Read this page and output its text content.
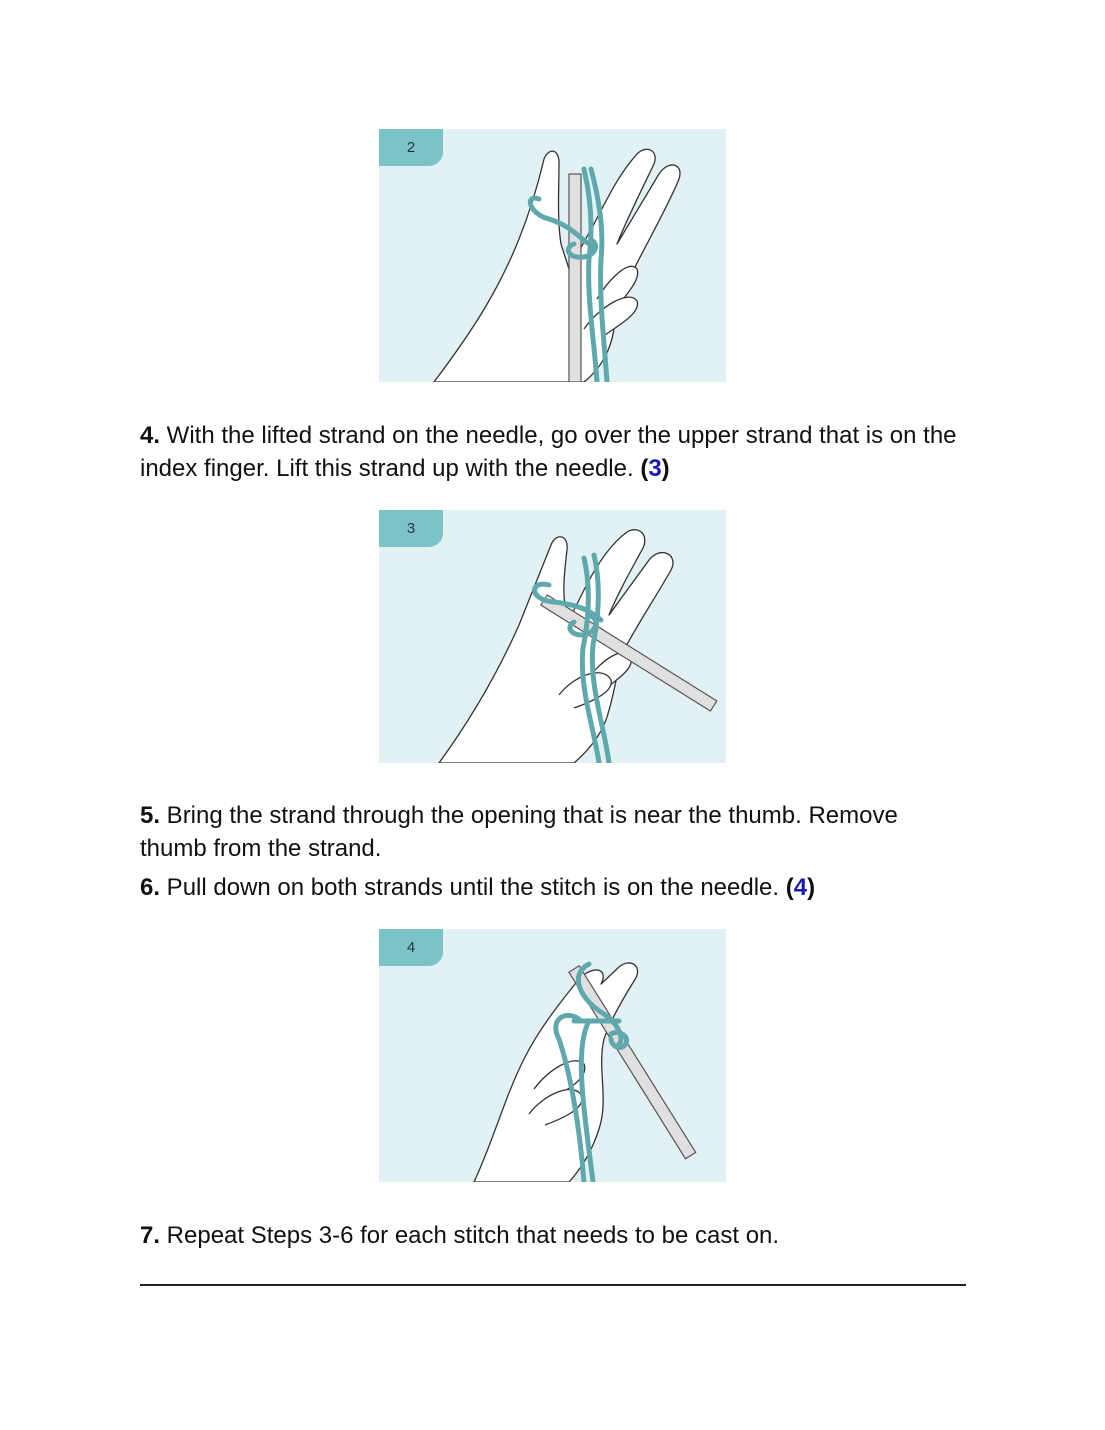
2

4. With the lifted strand on the needle, go over the upper strand that is on the index finger. Lift this strand up with the needle. (3)

3

5. Bring the strand through the opening that is near the thumb. Remove thumb from the strand.

6. Pull down on both strands until the stitch is on the needle. (4)

4

7. Repeat Steps 3-6 for each stitch that needs to be cast on.
